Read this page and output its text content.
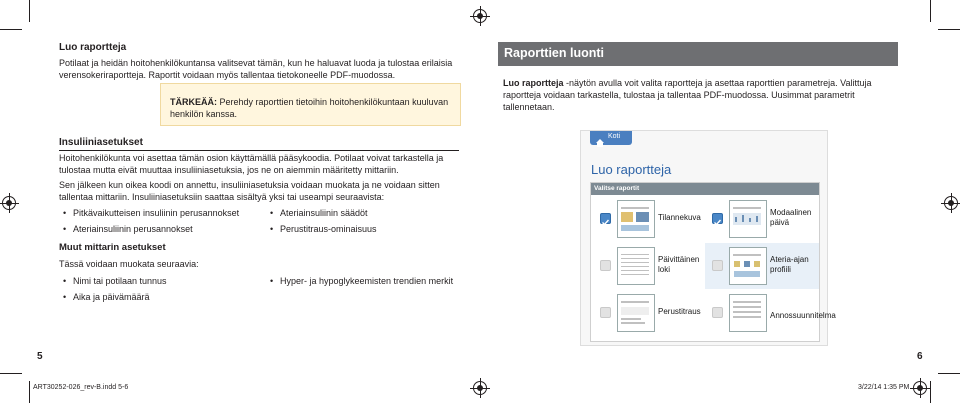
Luo raportteja
Potilaat ja heidän hoitohenkilökuntansa valitsevat tämän, kun he haluavat luoda ja tulostaa erilaisia verensokeriraportteja. Raportit voidaan myös tallentaa tietokoneelle PDF-muodossa.
TÄRKEÄÄ: Perehdy raporttien tietoihin hoitohenkilökuntaan kuuluvan henkilön kanssa.
Insuliiniasetukset
Hoitohenkilökunta voi asettaa tämän osion käyttämällä pääsykoodia. Potilaat voivat tarkastella ja tulostaa mutta eivät muuttaa insuliiniasetuksia, jos ne on aiemmin määritetty mittariin.
Sen jälkeen kun oikea koodi on annettu, insuliiniasetuksia voidaan muokata ja ne voidaan sitten tallentaa mittariin. Insuliiniasetuksiin saattaa sisältyä yksi tai useampi seuraavista:
• Pitkävaikutteisen insuliinin perusannokset
• Ateriainsuliinin perusannokset
• Ateriainsuliinin säädöt
• Perustitraus-ominaisuus
Muut mittarin asetukset
Tässä voidaan muokata seuraavia:
• Nimi tai potilaan tunnus
• Aika ja päivämäärä
• Hyper- ja hypoglykeemisten trendien merkit
5
Raporttien luonti
Luo raportteja -näytön avulla voit valita raportteja ja asettaa raporttien parametreja. Valittuja raportteja voidaan tarkastella, tulostaa ja tallentaa PDF-muodossa. Uusimmat parametrit tallennetaan.
Koti
Luo raportteja
Valitse raportit
Tilannekuva
Modaalinen päivä
Päivittäinen loki
Ateria-ajan profiili
Perustitraus	Annossuunnitelma
6
ART30252-026_rev-B.indd 5-6	3/22/14 1:35 PM
